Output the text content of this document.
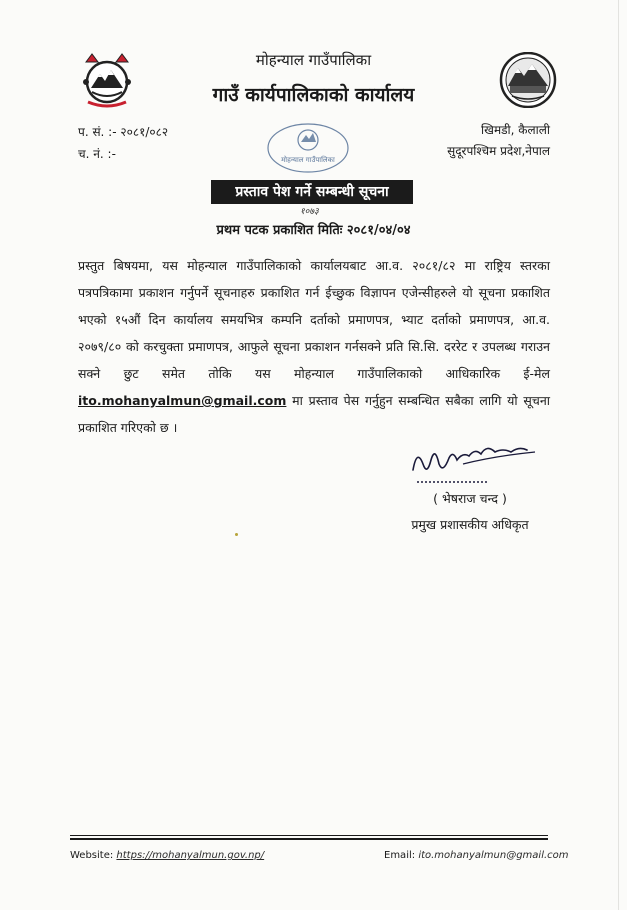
मोहन्याल गाउँपालिका
गाउँ कार्यपालिकाको कार्यालय
प. सं. :- २०८१/०८२
च. नं. :-
खिमडी, कैलाली
सुदूरपश्चिम प्रदेश,नेपाल
मोहन्याल गाउँपालिका
प्रस्ताव पेश गर्ने सम्बन्धी सूचना
१०७३
प्रथम पटक प्रकाशित मितिः २०८१/०४/०४
प्रस्तुत बिषयमा, यस मोहन्याल गाउँपालिकाको कार्यालयबाट आ.व. २०८१/८२ मा राष्ट्रिय स्तरका पत्रपत्रिकामा प्रकाशन गर्नुपर्ने सूचनाहरु प्रकाशित गर्न ईच्छुक विज्ञापन एजेन्सीहरुले यो सूचना प्रकाशित भएको १५औं दिन कार्यालय समयभित्र कम्पनि दर्ताको प्रमाणपत्र, भ्याट दर्ताको प्रमाणपत्र, आ.व. २०७९/८० को करचुक्ता प्रमाणपत्र, आफुले सूचना प्रकाशन गर्नसक्ने प्रति सि.सि. दररेट र उपलब्ध गराउन सक्ने छुट समेत तोकि यस मोहन्याल गाउँपालिकाको आधिकारिक ई-मेल ito.mohanyalmun@gmail.com मा प्रस्ताव पेस गर्नुहुन सम्बन्धित सबैका लागि यो सूचना प्रकाशित गरिएको छ ।
( भेषराज चन्द )
प्रमुख प्रशासकीय अधिकृत
Website: https://mohanyalmun.gov.np/	Email: ito.mohanyalmun@gmail.com
